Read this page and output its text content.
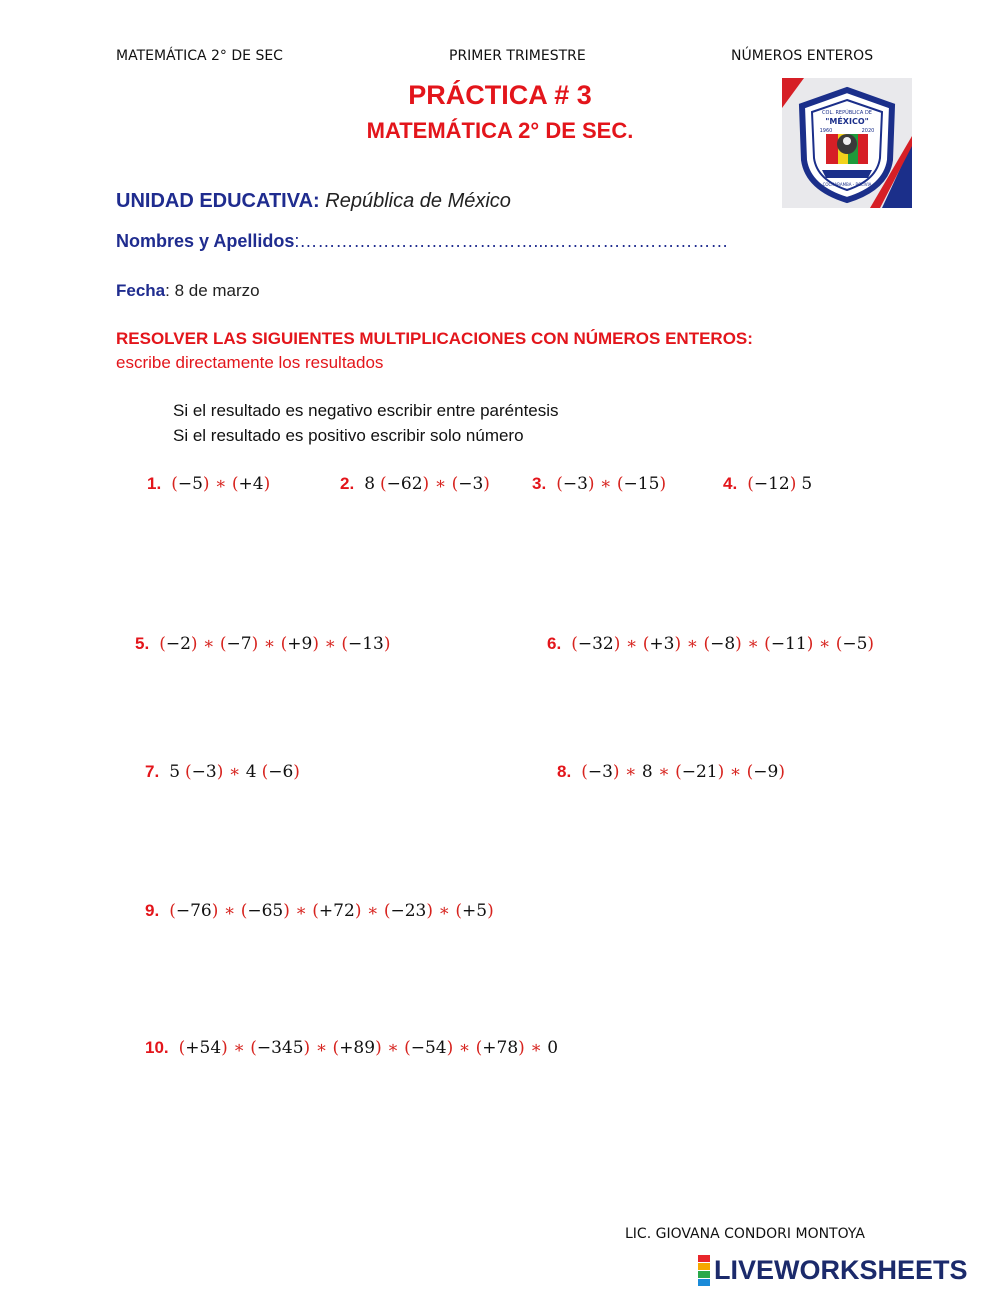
MATEMÁTICA 2° DE SEC	PRIMER TRIMESTRE	NÚMEROS ENTEROS
PRÁCTICA # 3
MATEMÁTICA 2° DE SEC.
COL. REPÚBLICA DE
"MÉXICO"
1960	2020
COCHABAMBA - BOLIVIA
UNIDAD EDUCATIVA: República de México
Nombres y Apellidos:…………………………………...…………………………
Fecha: 8 de marzo
RESOLVER LAS SIGUIENTES MULTIPLICACIONES CON NÚMEROS ENTEROS:
escribe directamente los resultados
Si el resultado es negativo escribir entre paréntesis
Si el resultado es positivo escribir solo número
1. (−5) ∗ (+4)	2. 8 (−62) ∗ (−3) 3. (−3) ∗ (−15)	4. (−12) 5
5. (−2) ∗ (−7) ∗ (+9) ∗ (−13)	6. (−32) ∗ (+3) ∗ (−8) ∗ (−11) ∗ (−5)
7. 5 (−3) ∗ 4 (−6)	8. (−3) ∗ 8 ∗ (−21) ∗ (−9)
9. (−76) ∗ (−65) ∗ (+72) ∗ (−23) ∗ (+5)
10. (+54) ∗ (−345) ∗ (+89) ∗ (−54) ∗ (+78) ∗ 0
LIC. GIOVANA CONDORI MONTOYA
LIVEWORKSHEETS
